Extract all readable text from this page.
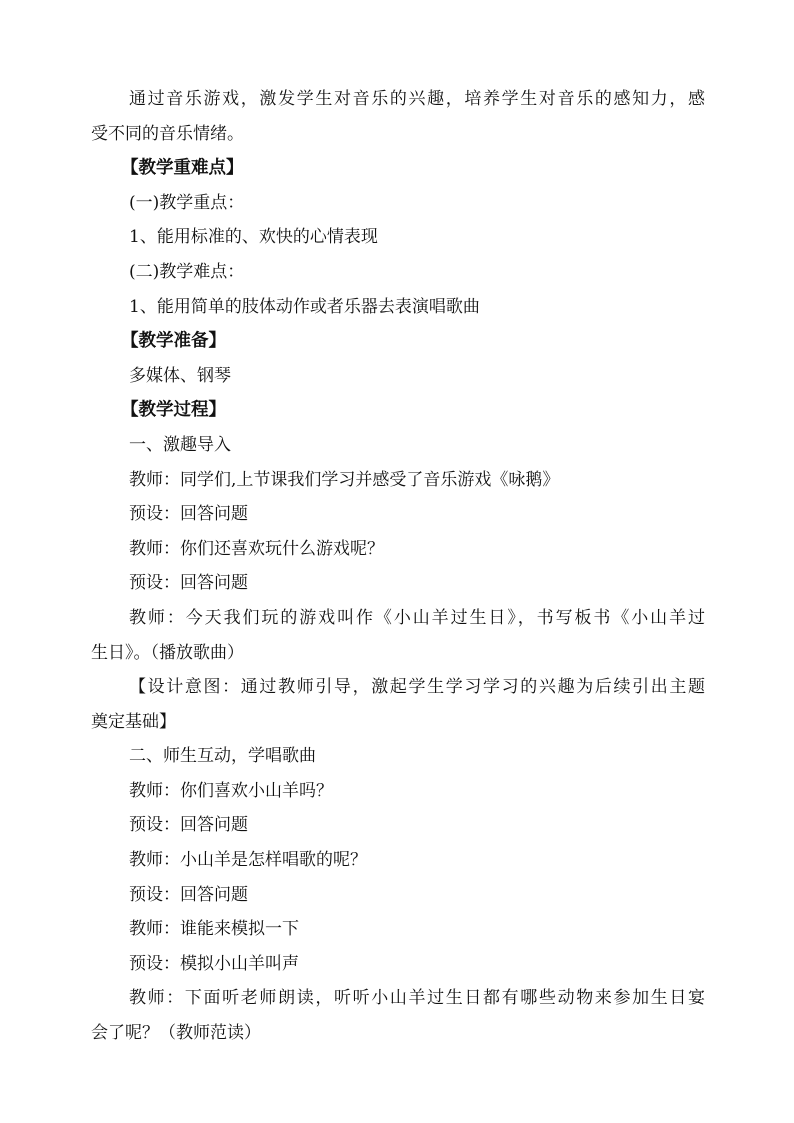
通过音乐游戏，激发学生对音乐的兴趣，培养学生对音乐的感知力，感
受不同的音乐情绪。
【教学重难点】
(一)教学重点：
1、能用标准的、欢快的心情表现
(二)教学难点：
1、能用简单的肢体动作或者乐器去表演唱歌曲
【教学准备】
多媒体、钢琴
【教学过程】
一、激趣导入
教师：同学们,上节课我们学习并感受了音乐游戏《咏鹅》
预设：回答问题
教师：你们还喜欢玩什么游戏呢？
预设：回答问题
教师：今天我们玩的游戏叫作《小山羊过生日》，书写板书《小山羊过
生日》。（播放歌曲）
【设计意图：通过教师引导，激起学生学习学习的兴趣为后续引出主题
奠定基础】
二、师生互动，学唱歌曲
教师：你们喜欢小山羊吗？
预设：回答问题
教师：小山羊是怎样唱歌的呢？
预设：回答问题
教师：谁能来模拟一下
预设：模拟小山羊叫声
教师：下面听老师朗读，听听小山羊过生日都有哪些动物来参加生日宴
会了呢？（教师范读）
